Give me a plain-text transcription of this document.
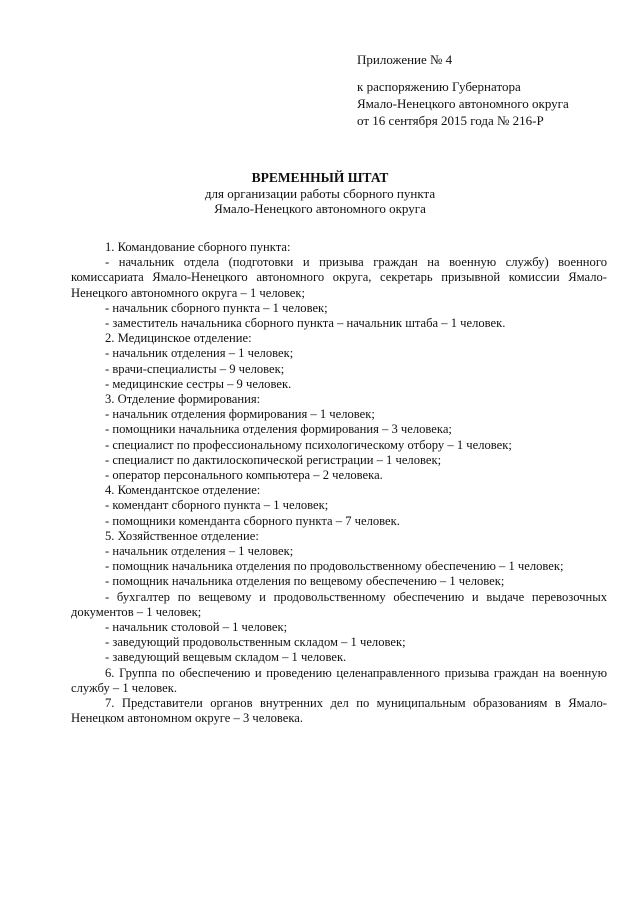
Приложение № 4
к распоряжению Губернатора
Ямало-Ненецкого автономного округа
от 16 сентября 2015 года № 216-Р
ВРЕМЕННЫЙ ШТАТ
для организации работы сборного пункта
Ямало-Ненецкого автономного округа

1. Командование сборного пункта:

- начальник отдела (подготовки и призыва граждан на военную службу) военного комиссариата Ямало-Ненецкого автономного округа, секретарь призывной комиссии Ямало-Ненецкого автономного округа – 1 человек;

- начальник сборного пункта – 1 человек;

- заместитель начальника сборного пункта – начальник штаба – 1 человек.

2. Медицинское отделение:

- начальник отделения – 1 человек;

- врачи-специалисты – 9 человек;

- медицинские сестры – 9 человек.

3. Отделение формирования:

- начальник отделения формирования – 1 человек;

- помощники начальника отделения формирования – 3 человека;

- специалист по профессиональному психологическому отбору – 1 человек;

- специалист по дактилоскопической регистрации – 1 человек;

- оператор персонального компьютера – 2 человека.

4. Комендантское отделение:

- комендант сборного пункта – 1 человек;

- помощники коменданта сборного пункта – 7 человек.

5. Хозяйственное отделение:

- начальник отделения – 1 человек;

- помощник начальника отделения по продовольственному обеспечению – 1 человек;

- помощник начальника отделения по вещевому обеспечению – 1 человек;

- бухгалтер по вещевому и продовольственному обеспечению и выдаче перевозочных документов – 1 человек;

- начальник столовой – 1 человек;

- заведующий продовольственным складом – 1 человек;

- заведующий вещевым складом – 1 человек.

6. Группа по обеспечению и проведению целенаправленного призыва граждан на военную службу – 1 человек.

7. Представители органов внутренних дел по муниципальным образованиям в Ямало-Ненецком автономном округе – 3 человека.
